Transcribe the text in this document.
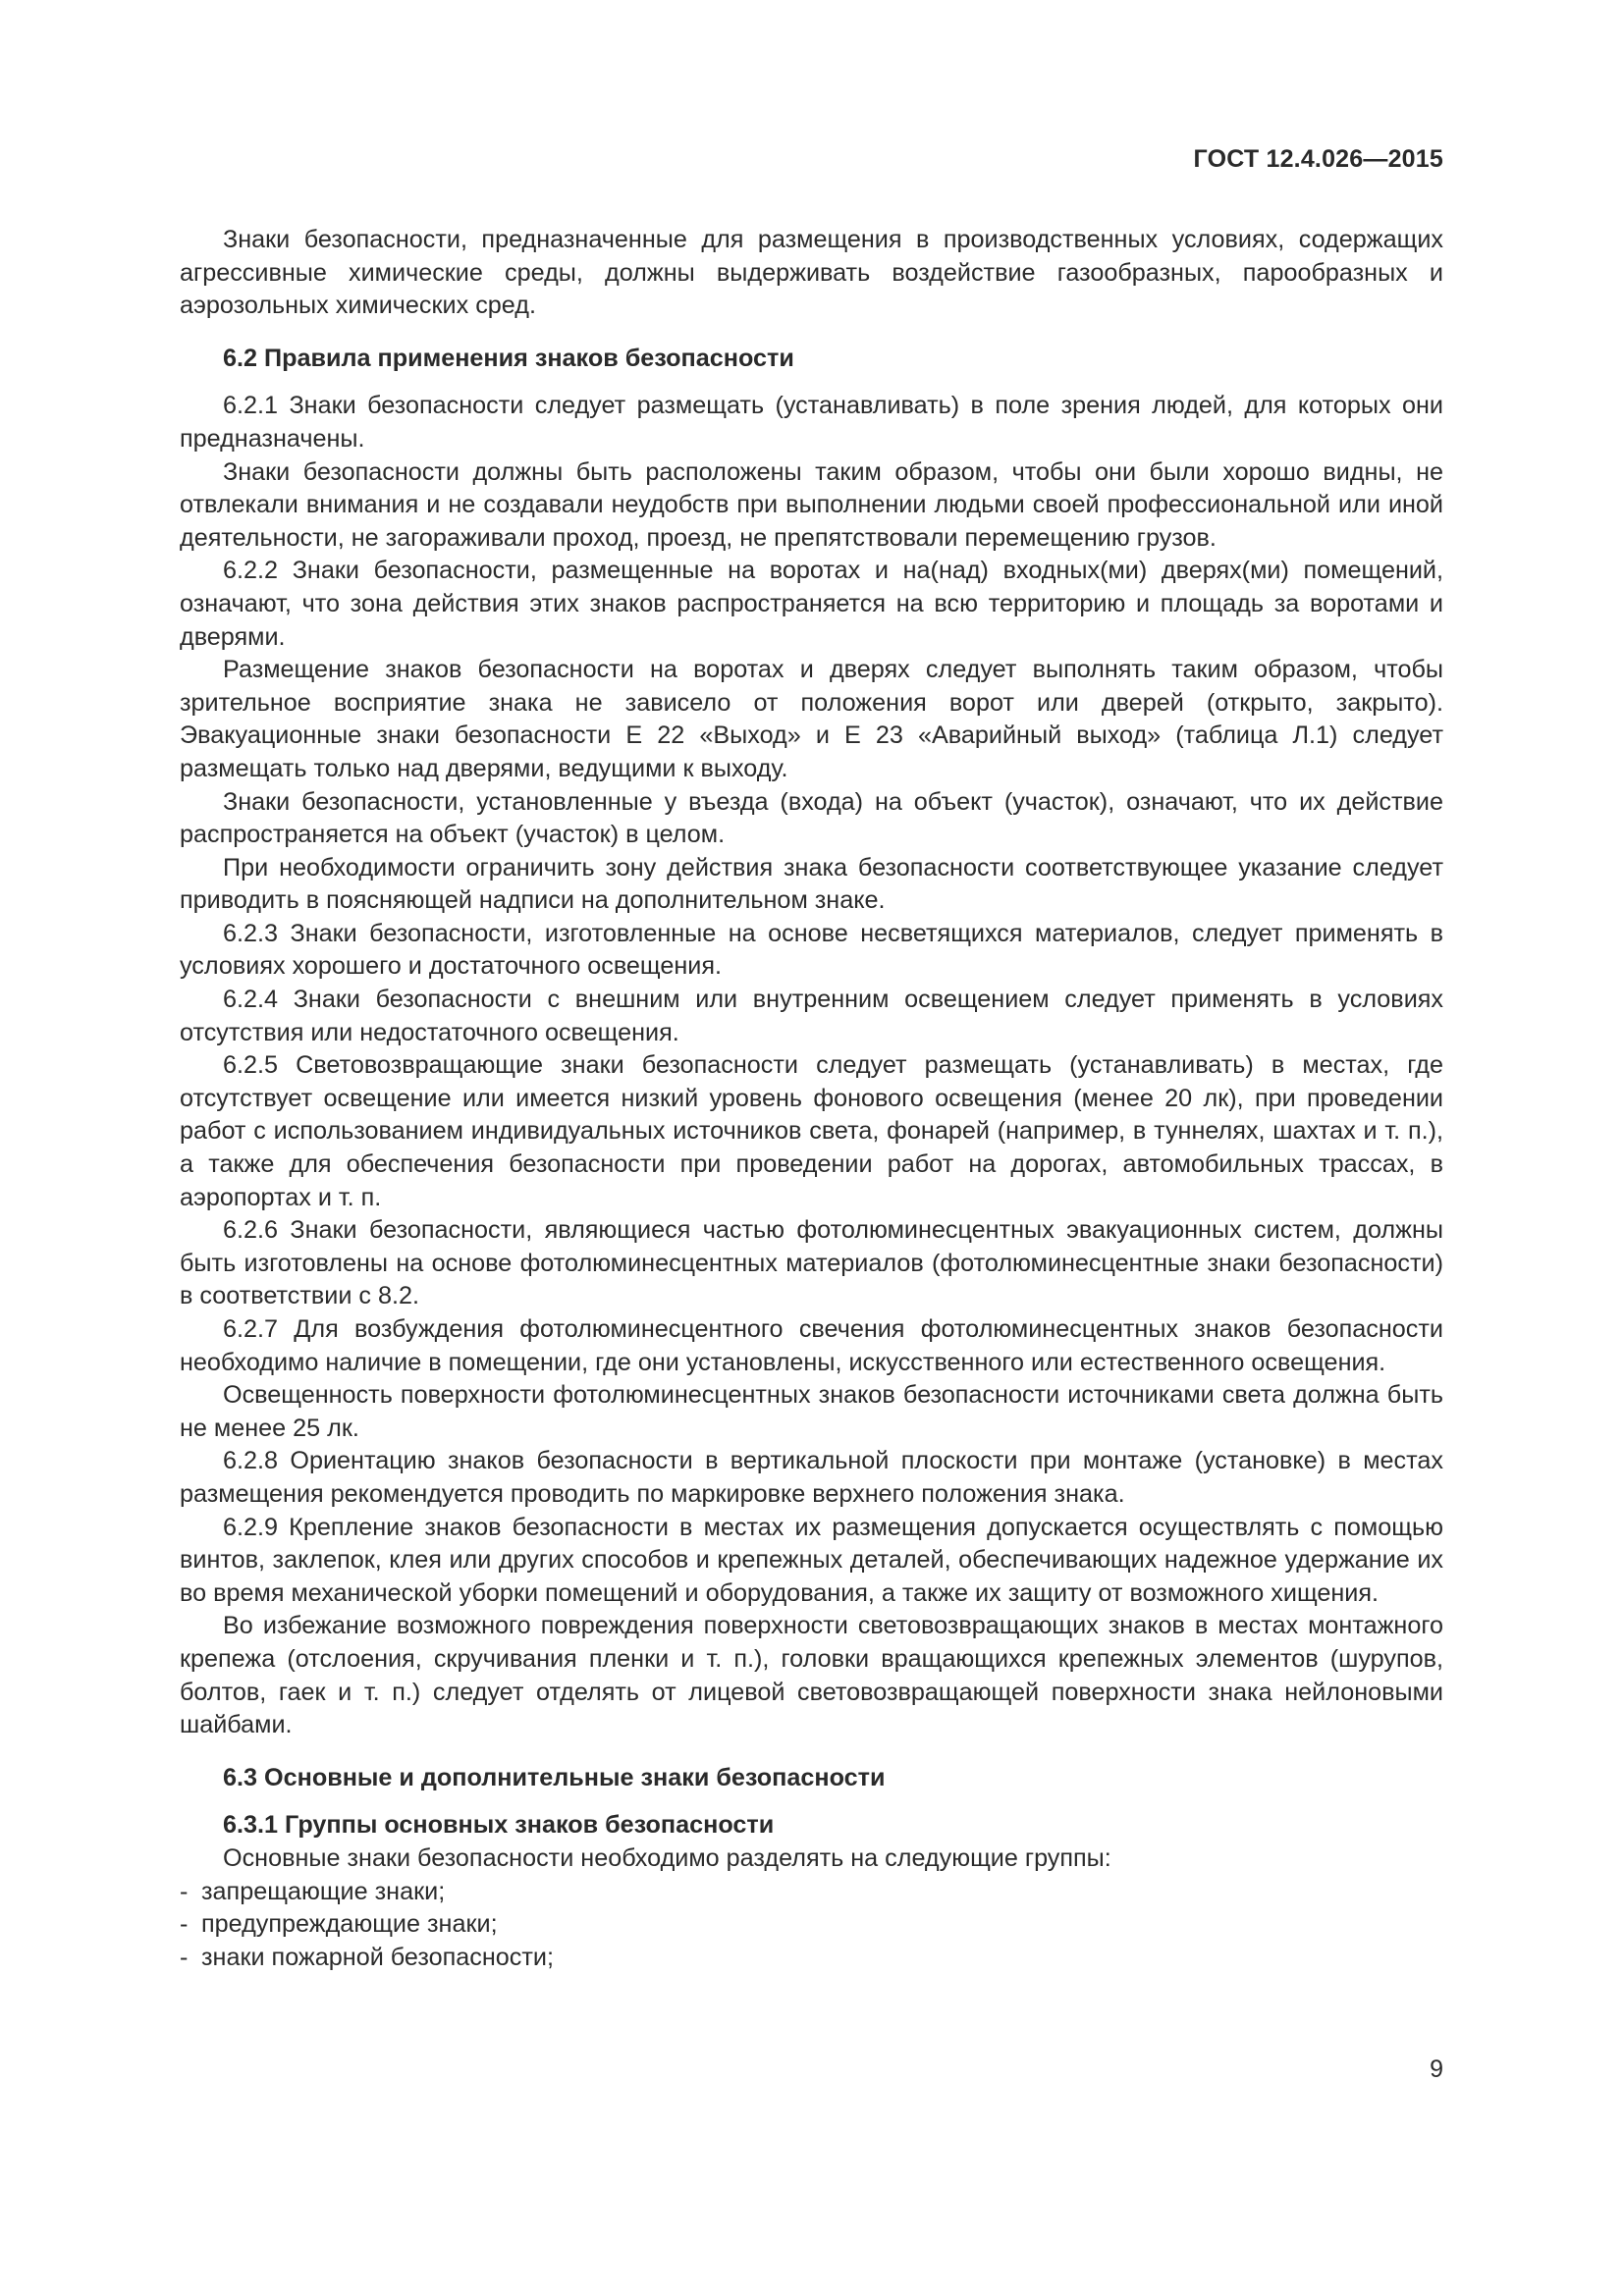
ГОСТ 12.4.026—2015

Знаки безопасности, предназначенные для размещения в производственных условиях, содержащих агрессивные химические среды, должны выдерживать воздействие газообразных, парообразных и аэрозольных химических сред.

6.2 Правила применения знаков безопасности

6.2.1 Знаки безопасности следует размещать (устанавливать) в поле зрения людей, для которых они предназначены.

Знаки безопасности должны быть расположены таким образом, чтобы они были хорошо видны, не отвлекали внимания и не создавали неудобств при выполнении людьми своей профессиональной или иной деятельности, не загораживали проход, проезд, не препятствовали перемещению грузов.

6.2.2 Знаки безопасности, размещенные на воротах и на(над) входных(ми) дверях(ми) помещений, означают, что зона действия этих знаков распространяется на всю территорию и площадь за воротами и дверями.

Размещение знаков безопасности на воротах и дверях следует выполнять таким образом, чтобы зрительное восприятие знака не зависело от положения ворот или дверей (открыто, закрыто). Эвакуационные знаки безопасности Е 22 «Выход» и Е 23 «Аварийный выход» (таблица Л.1) следует размещать только над дверями, ведущими к выходу.

Знаки безопасности, установленные у въезда (входа) на объект (участок), означают, что их действие распространяется на объект (участок) в целом.

При необходимости ограничить зону действия знака безопасности соответствующее указание следует приводить в поясняющей надписи на дополнительном знаке.

6.2.3 Знаки безопасности, изготовленные на основе несветящихся материалов, следует применять в условиях хорошего и достаточного освещения.

6.2.4 Знаки безопасности с внешним или внутренним освещением следует применять в условиях отсутствия или недостаточного освещения.

6.2.5 Световозвращающие знаки безопасности следует размещать (устанавливать) в местах, где отсутствует освещение или имеется низкий уровень фонового освещения (менее 20 лк), при проведении работ с использованием индивидуальных источников света, фонарей (например, в туннелях, шахтах и т. п.), а также для обеспечения безопасности при проведении работ на дорогах, автомобильных трассах, в аэропортах и т. п.

6.2.6 Знаки безопасности, являющиеся частью фотолюминесцентных эвакуационных систем, должны быть изготовлены на основе фотолюминесцентных материалов (фотолюминесцентные знаки безопасности) в соответствии с 8.2.

6.2.7 Для возбуждения фотолюминесцентного свечения фотолюминесцентных знаков безопасности необходимо наличие в помещении, где они установлены, искусственного или естественного освещения.

Освещенность поверхности фотолюминесцентных знаков безопасности источниками света должна быть не менее 25 лк.

6.2.8 Ориентацию знаков безопасности в вертикальной плоскости при монтаже (установке) в местах размещения рекомендуется проводить по маркировке верхнего положения знака.

6.2.9 Крепление знаков безопасности в местах их размещения допускается осуществлять с помощью винтов, заклепок, клея или других способов и крепежных деталей, обеспечивающих надежное удержание их во время механической уборки помещений и оборудования, а также их защиту от возможного хищения.

Во избежание возможного повреждения поверхности световозвращающих знаков в местах монтажного крепежа (отслоения, скручивания пленки и т. п.), головки вращающихся крепежных элементов (шурупов, болтов, гаек и т. п.) следует отделять от лицевой световозвращающей поверхности знака нейлоновыми шайбами.

6.3 Основные и дополнительные знаки безопасности
6.3.1 Группы основных знаков безопасности

Основные знаки безопасности необходимо разделять на следующие группы:

- запрещающие знаки;
- предупреждающие знаки;
- знаки пожарной безопасности;
9
